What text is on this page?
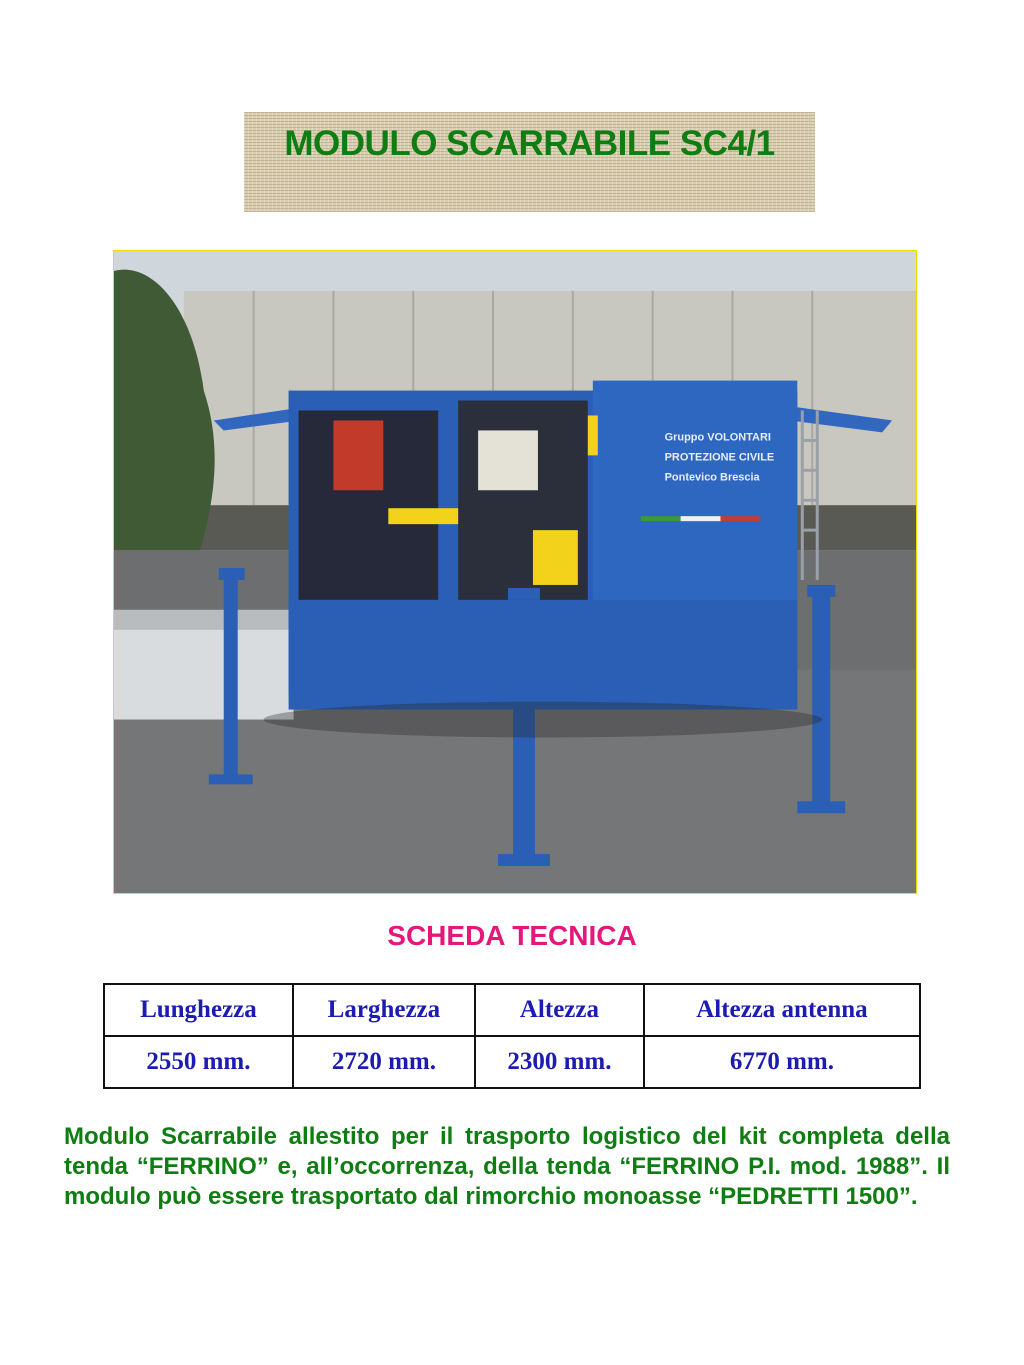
MODULO SCARRABILE SC4/1
Gruppo VOLONTARI
PROTEZIONE CIVILE
Pontevico Brescia
SCHEDA TECNICA
Lunghezza	Larghezza	Altezza	Altezza antenna
2550 mm.	2720 mm.	2300 mm.	6770 mm.
Modulo Scarrabile allestito per il trasporto logistico del kit completa della tenda “FERRINO” e, all’occorrenza, della tenda “FERRINO P.I. mod. 1988”. Il modulo può essere trasportato dal rimorchio monoasse “PEDRETTI 1500”.
